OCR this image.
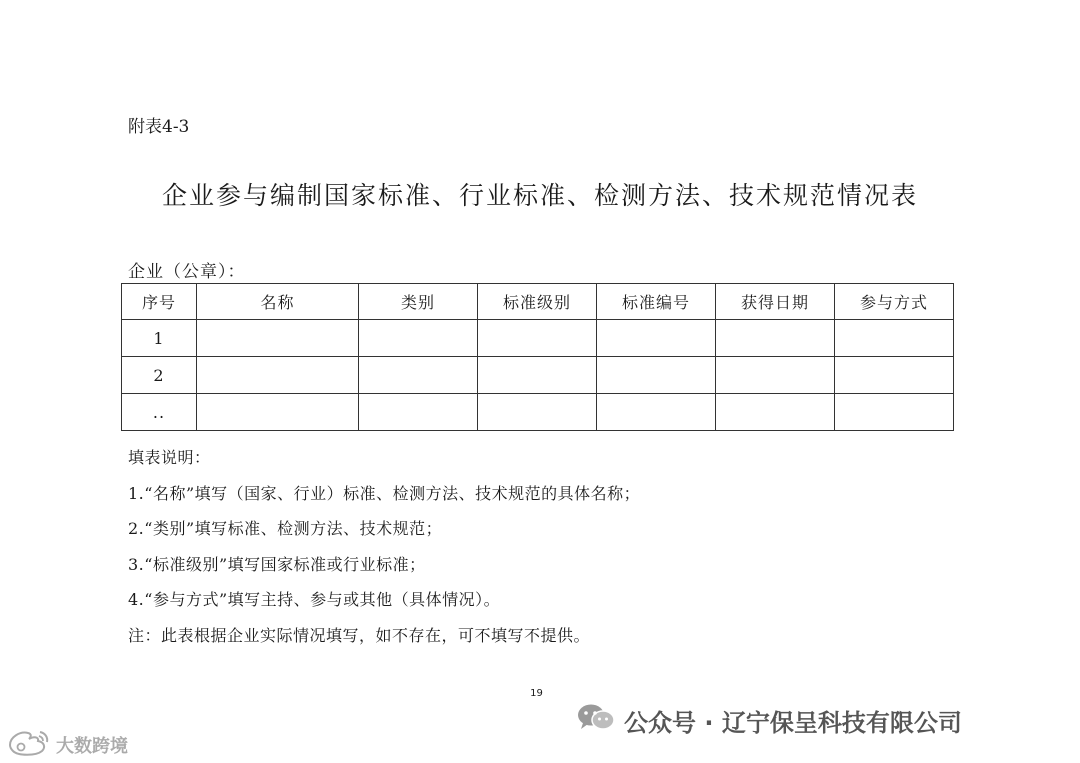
附表4-3
企业参与编制国家标准、行业标准、检测方法、技术规范情况表
企业（公章）：
序号	名称	类别	标准级别	标准编号	获得日期	参与方式
1						
2						
..						
填表说明：
1.“名称”填写（国家、行业）标准、检测方法、技术规范的具体名称；
2.“类别”填写标准、检测方法、技术规范；
3.“标准级别”填写国家标准或行业标准；
4.“参与方式”填写主持、参与或其他（具体情况）。
注：此表根据企业实际情况填写，如不存在，可不填写不提供。
19
公众号 · 辽宁保呈科技有限公司
大数跨境
